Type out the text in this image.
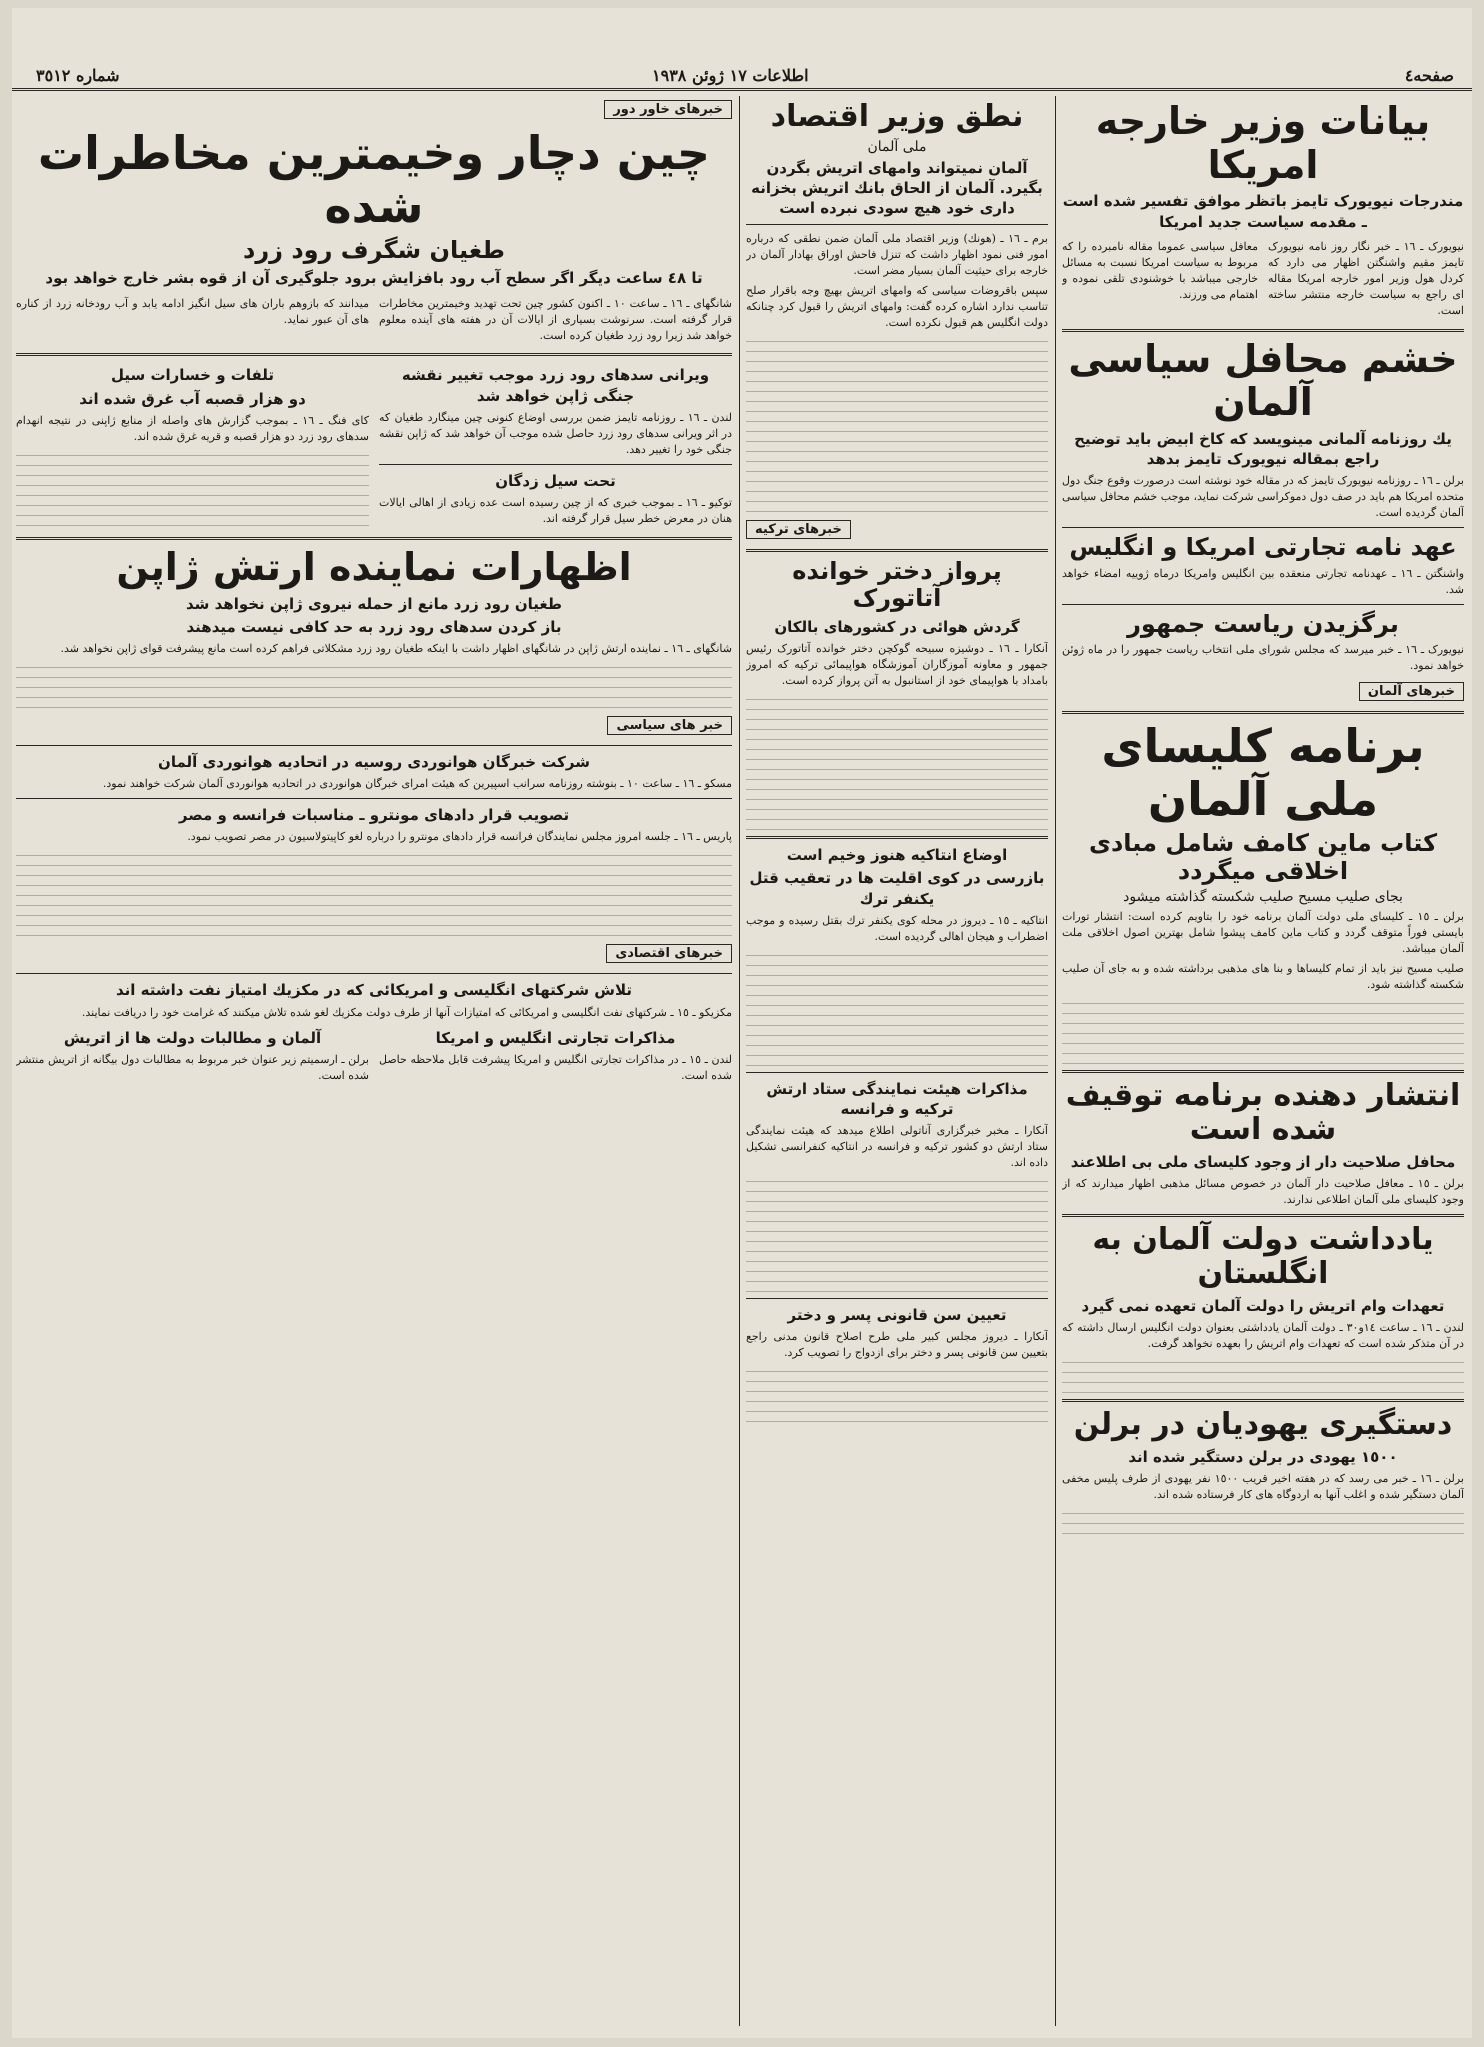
صفحه٤
اطلاعات ١٧ ژوئن ١٩٣٨
شماره ٣٥١٢
بیانات وزیر خارجه امریکا
مندرجات نیویورک تایمز باتظر موافق تفسیر شده است ـ مقدمه سیاست جدید امریکا
نیویورک ـ ١٦ ـ خبر نگار روز نامه نیویورک تایمز مقیم واشنگتن اظهار می دارد که کردل هول وزیر امور خارجه امریکا مقاله ای راجع به سیاست خارجه منتشر ساخته است.
معافل سیاسی عموما مقاله نامبرده را که مربوط به سیاست امریکا نسبت به مسائل خارجی میباشد با خوشنودی تلقی نموده و اهتمام می ورزند.
خشم محافل سیاسی آلمان
یك روزنامه آلمانی مینویسد که کاخ ابیض باید توضیح راجع بمقاله نیویورک تایمز بدهد
برلن ـ ١٦ ـ روزنامه نیویورک تایمز که در مقاله خود نوشته است درصورت وقوع جنگ دول متحده امریکا هم باید در صف دول دموکراسی شرکت نماید، موجب خشم محافل سیاسی آلمان گردیده است.
عهد نامه تجارتی امریکا و انگلیس
واشنگتن ـ ١٦ ـ عهدنامه تجارتی منعقده بین انگلیس وامریکا درماه ژوییه امضاء خواهد شد.
برگزیدن ریاست جمهور
نیویورک ـ ١٦ ـ خبر میرسد که مجلس شورای ملی انتخاب ریاست جمهور را در ماه ژوئن خواهد نمود.
خبرهای آلمان
برنامه کلیسای ملی آلمان
کتاب ماین کامف شامل مبادی اخلاقی میگردد
بجای صلیب مسیح صلیب شکسته گذاشته میشود
برلن ـ ١٥ ـ کلیسای ملی دولت آلمان برنامه خود را بتاویم کرده است: انتشار تورات بایستی فوراً متوقف گردد و کتاب ماین کامف پیشوا شامل بهترین اصول اخلاقی ملت آلمان میباشد.
صلیب مسیح نیز باید از تمام کلیساها و بنا های مذهبی برداشته شده و به جای آن صلیب شکسته گذاشته شود.
انتشار دهنده برنامه توقیف شده است
محافل صلاحیت دار از وجود کلیسای ملی بی اطلاعند
برلن ـ ١٥ ـ معافل صلاحیت دار آلمان در خصوص مسائل مذهبی اظهار میدارند که از وجود کلیسای ملی آلمان اطلاعی ندارند.
یادداشت دولت آلمان به انگلستان
تعهدات وام اتریش را دولت آلمان تعهده نمی گیرد
لندن ـ ١٦ ـ ساعت ١٤و٣٠ ـ دولت آلمان یادداشتی بعنوان دولت انگلیس ارسال داشته که در آن متذکر شده است که تعهدات وام اتریش را بعهده نخواهد گرفت.
دستگیری یهودیان در برلن
١٥٠٠ یهودی در برلن دستگیر شده اند
برلن ـ ١٦ ـ خبر می رسد که در هفته اخیر قریب ١٥٠٠ نفر یهودی از طرف پلیس مخفی آلمان دستگیر شده و اغلب آنها به اردوگاه های کار فرستاده شده اند.
نطق وزیر اقتصاد
ملی آلمان
آلمان نمیتواند وامهای اتریش بگردن بگیرد. آلمان از الحاق بانك اتریش بخزانه داری خود هیچ سودی نبرده است
برم ـ ١٦ ـ (هونك) وزیر اقتصاد ملی آلمان ضمن نطقی که درباره امور فنی نمود اظهار داشت که تنزل فاحش اوراق بهادار آلمان در خارجه برای حیثیت آلمان بسیار مضر است.
سپس باقروضات سیاسی که وامهای اتریش بهیچ وجه باقرار صلح تناسب ندارد اشاره کرده گفت: وامهای اتریش را قبول کرد چنانکه دولت انگلیس هم قبول نکرده است.
خبرهای ترکیه
پرواز دختر خوانده آتاتورک
گردش هوائی در کشورهای بالکان
آنکارا ـ ١٦ ـ دوشیزه سبیحه گوکچن دختر خوانده آتاتورک رئیس جمهور و معاونه آموزگاران آموزشگاه هواپیمائی ترکیه که امروز بامداد با هواپیمای خود از استانبول به آتن پرواز کرده است.
اوضاع انتاکیه هنوز وخیم است
بازرسی در کوی اقلیت ها در تعقیب قتل یکنفر ترك
انتاکیه ـ ١٥ ـ دیروز در محله کوی یکنفر ترك بقتل رسیده و موجب اضطراب و هیجان اهالی گردیده است.
مذاکرات هیئت نمایندگی ستاد ارتش ترکیه و فرانسه
آنکارا ـ مخبر خبرگزاری آناتولی اطلاع میدهد که هیئت نمایندگی ستاد ارتش دو کشور ترکیه و فرانسه در انتاکیه کنفرانسی تشکیل داده اند.
تعیین سن قانونی پسر و دختر
آنکارا ـ دیروز مجلس کبیر ملی طرح اصلاح قانون مدنی راجع بتعیین سن قانونی پسر و دختر برای ازدواج را تصویب کرد.
خبرهای خاور دور
چین دچار وخیمترین مخاطرات شده
طغیان شگرف رود زرد
تا ٤٨ ساعت دیگر اگر سطح آب رود بافزایش برود جلوگیری آن از قوه بشر خارج خواهد بود
شانگهای ـ ١٦ ـ ساعت ١٠ ـ اکنون کشور چین تحت تهدید وخیمترین مخاطرات قرار گرفته است. سرنوشت بسیاری از ایالات آن در هفته های آینده معلوم خواهد شد زیرا رود زرد طغیان کرده است.
میدانند که بازوهم باران های سیل انگیز ادامه یابد و آب رودخانه زرد از کناره های آن عبور نماید.
ویرانی سدهای رود زرد موجب تغییر نقشه جنگی ژاپن خواهد شد
لندن ـ ١٦ ـ روزنامه تایمز ضمن بررسی اوضاع کنونی چین مینگارد طغیان که در اثر ویرانی سدهای رود زرد حاصل شده موجب آن خواهد شد که ژاپن نقشه جنگی خود را تغییر دهد.
تحت سیل زدگان
توکیو ـ ١٦ ـ بموجب خبری که از چین رسیده است عده زیادی از اهالی ایالات هنان در معرض خطر سیل قرار گرفته اند.
تلفات و خسارات سیل
دو هزار قصبه آب غرق شده اند
کای فنگ ـ ١٦ ـ بموجب گزارش های واصله از منابع ژاپنی در نتیجه انهدام سدهای رود زرد دو هزار قصبه و قریه غرق شده اند.
اظهارات نماینده ارتش ژاپن
طغیان رود زرد مانع از حمله نیروی ژاپن نخواهد شد
باز کردن سدهای رود زرد به حد کافی نیست میدهند
شانگهای ـ ١٦ ـ نماینده ارتش ژاپن در شانگهای اظهار داشت با اینکه طغیان رود زرد مشکلاتی فراهم کرده است مانع پیشرفت قوای ژاپن نخواهد شد.
خبر های سیاسی
شرکت خبرگان هوانوردی روسیه در اتحادیه هوانوردی آلمان
مسکو ـ ١٦ ـ ساعت ١٠ ـ بنوشته روزنامه سرانب اسپیرین که هیئت امرای خبرگان هوانوردی در اتحادیه هوانوردی آلمان شرکت خواهند نمود.
تصویب قرار دادهای مونترو ـ مناسبات فرانسه و مصر
پاریس ـ ١٦ ـ جلسه امروز مجلس نمایندگان فرانسه قرار دادهای مونترو را درباره لغو کاپیتولاسیون در مصر تصویب نمود.
خبرهای اقتصادی
تلاش شرکتهای انگلیسی و امریکائی که در مکزیك امتیاز نفت داشته اند
مکزیکو ـ ١٥ ـ شرکتهای نفت انگلیسی و امریکائی که امتیازات آنها از طرف دولت مکزیك لغو شده تلاش میکنند که غرامت خود را دریافت نمایند.
مذاکرات تجارتی انگلیس و امریکا
لندن ـ ١٥ ـ در مذاکرات تجارتی انگلیس و امریکا پیشرفت قابل ملاحظه حاصل شده است.
آلمان و مطالبات دولت ها از اتریش
برلن ـ ارسمیتم زیر عنوان خبر مربوط به مطالبات دول بیگانه از اتریش منتشر شده است.
